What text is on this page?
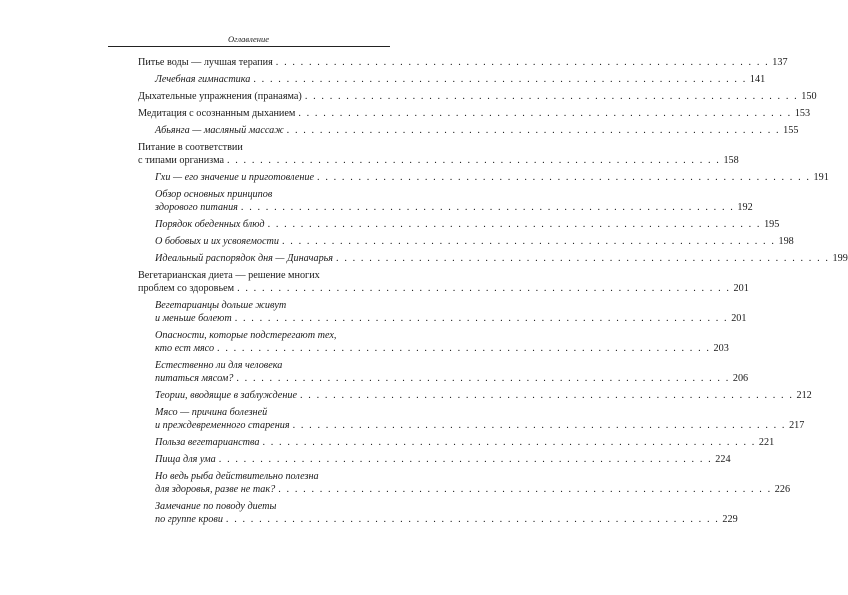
Оглавление
Питье воды — лучшая терапия . . . . . . . . . . . . . . . . . . . . . . . . . . . . . . . . . . . . . . . . . . . . . . . . . . . . . . . . . . . . 137
Лечебная гимнастика . . . . . . . . . . . . . . . . . . . . . . . . . . . . . . . . . . . . . . . . . . . . . . . . . . . . . . . . . . . . 141
Дыхательные упражнения (пранаяма) . . . . . . . . . . . . . . . . . . . . . . . . . . . . . . . . . . . . . . . . . . . . . . . . . . . . . . . . . . . . 150
Медитация с осознанным дыханием . . . . . . . . . . . . . . . . . . . . . . . . . . . . . . . . . . . . . . . . . . . . . . . . . . . . . . . . . . . . 153
Абьянга — масляный массаж . . . . . . . . . . . . . . . . . . . . . . . . . . . . . . . . . . . . . . . . . . . . . . . . . . . . . . . . . . . . 155
Питание в соответствии
с типами организма . . . . . . . . . . . . . . . . . . . . . . . . . . . . . . . . . . . . . . . . . . . . . . . . . . . . . . . . . . . . 158
Гхи — его значение и приготовление . . . . . . . . . . . . . . . . . . . . . . . . . . . . . . . . . . . . . . . . . . . . . . . . . . . . . . . . . . . . 191
Обзор основных принципов
здорового питания . . . . . . . . . . . . . . . . . . . . . . . . . . . . . . . . . . . . . . . . . . . . . . . . . . . . . . . . . . . . 192
Порядок обеденных блюд . . . . . . . . . . . . . . . . . . . . . . . . . . . . . . . . . . . . . . . . . . . . . . . . . . . . . . . . . . . . 195
О бобовых и их усвояемости . . . . . . . . . . . . . . . . . . . . . . . . . . . . . . . . . . . . . . . . . . . . . . . . . . . . . . . . . . . . 198
Идеальный распорядок дня — Диначарья . . . . . . . . . . . . . . . . . . . . . . . . . . . . . . . . . . . . . . . . . . . . . . . . . . . . . . . . . . . . 199
Вегетарианская диета — решение многих
проблем со здоровьем . . . . . . . . . . . . . . . . . . . . . . . . . . . . . . . . . . . . . . . . . . . . . . . . . . . . . . . . . . . . 201
Вегетарианцы дольше живут
и меньше болеют . . . . . . . . . . . . . . . . . . . . . . . . . . . . . . . . . . . . . . . . . . . . . . . . . . . . . . . . . . . . 201
Опасности, которые подстерегают тех,
кто ест мясо . . . . . . . . . . . . . . . . . . . . . . . . . . . . . . . . . . . . . . . . . . . . . . . . . . . . . . . . . . . . 203
Естественно ли для человека
питаться мясом? . . . . . . . . . . . . . . . . . . . . . . . . . . . . . . . . . . . . . . . . . . . . . . . . . . . . . . . . . . . . 206
Теории, вводящие в заблуждение . . . . . . . . . . . . . . . . . . . . . . . . . . . . . . . . . . . . . . . . . . . . . . . . . . . . . . . . . . . . 212
Мясо — причина болезней
и преждевременного старения . . . . . . . . . . . . . . . . . . . . . . . . . . . . . . . . . . . . . . . . . . . . . . . . . . . . . . . . . . . . 217
Польза вегетарианства . . . . . . . . . . . . . . . . . . . . . . . . . . . . . . . . . . . . . . . . . . . . . . . . . . . . . . . . . . . . 221
Пища для ума . . . . . . . . . . . . . . . . . . . . . . . . . . . . . . . . . . . . . . . . . . . . . . . . . . . . . . . . . . . . 224
Но ведь рыба действительно полезна
для здоровья, разве не так? . . . . . . . . . . . . . . . . . . . . . . . . . . . . . . . . . . . . . . . . . . . . . . . . . . . . . . . . . . . . 226
Замечание по поводу диеты
по группе крови . . . . . . . . . . . . . . . . . . . . . . . . . . . . . . . . . . . . . . . . . . . . . . . . . . . . . . . . . . . . 229
